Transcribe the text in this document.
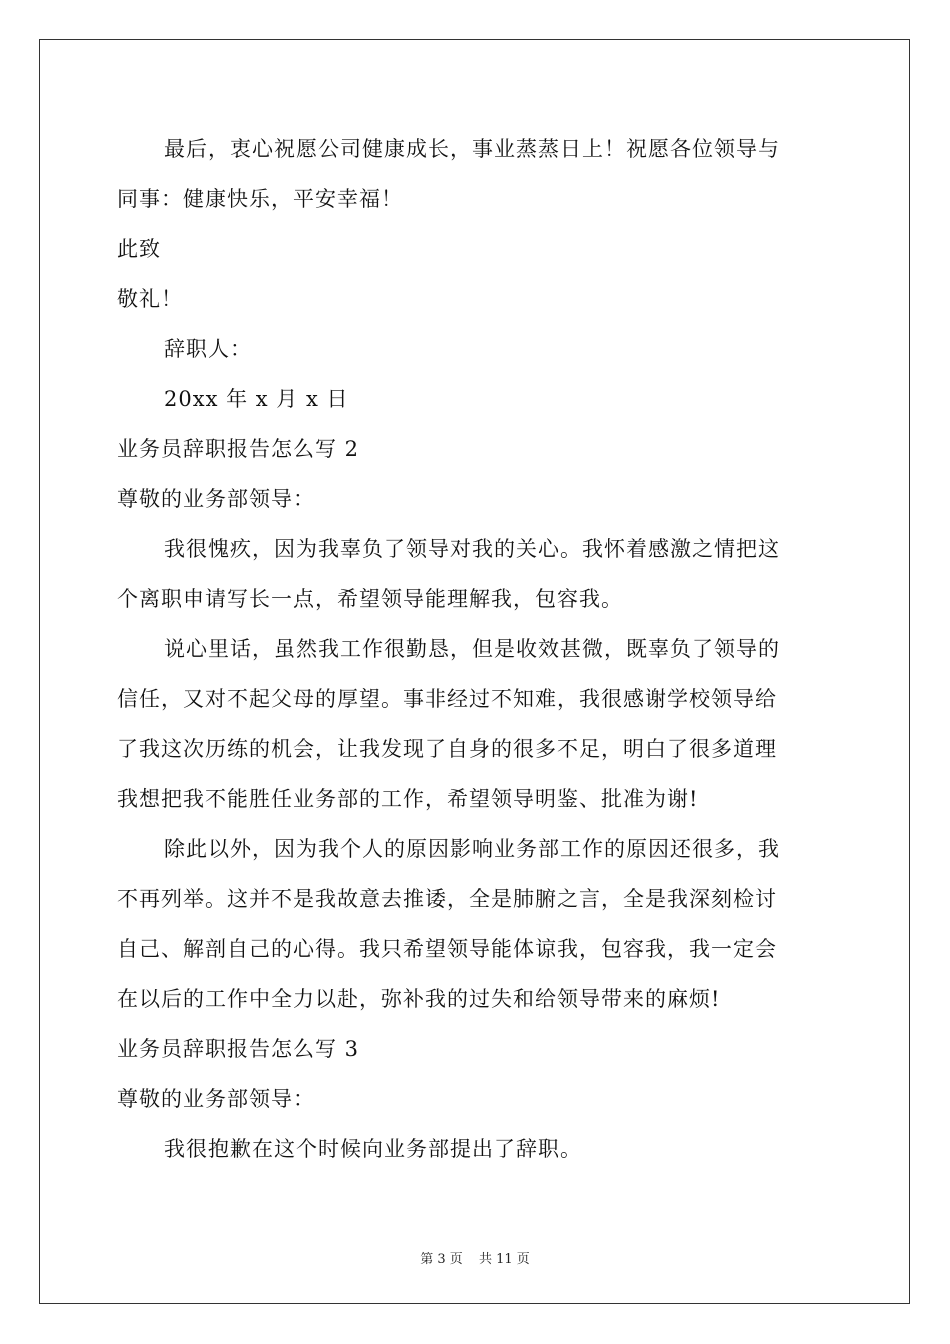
最后，衷心祝愿公司健康成长，事业蒸蒸日上！祝愿各位领导与
同事：健康快乐，平安幸福！
此致
敬礼！
辞职人：
20xx 年 x 月 x 日
业务员辞职报告怎么写 2
尊敬的业务部领导：
我很愧疚，因为我辜负了领导对我的关心。我怀着感激之情把这
个离职申请写长一点，希望领导能理解我，包容我。
说心里话，虽然我工作很勤恳，但是收效甚微，既辜负了领导的
信任，又对不起父母的厚望。事非经过不知难，我很感谢学校领导给
了我这次历练的机会，让我发现了自身的很多不足，明白了很多道理
我想把我不能胜任业务部的工作，希望领导明鉴、批准为谢!
除此以外，因为我个人的原因影响业务部工作的原因还很多，我
不再列举。这并不是我故意去推诿，全是肺腑之言，全是我深刻检讨
自己、解剖自己的心得。我只希望领导能体谅我，包容我，我一定会
在以后的工作中全力以赴，弥补我的过失和给领导带来的麻烦!
业务员辞职报告怎么写 3
尊敬的业务部领导：
我很抱歉在这个时候向业务部提出了辞职。
第 3 页 共 11 页
